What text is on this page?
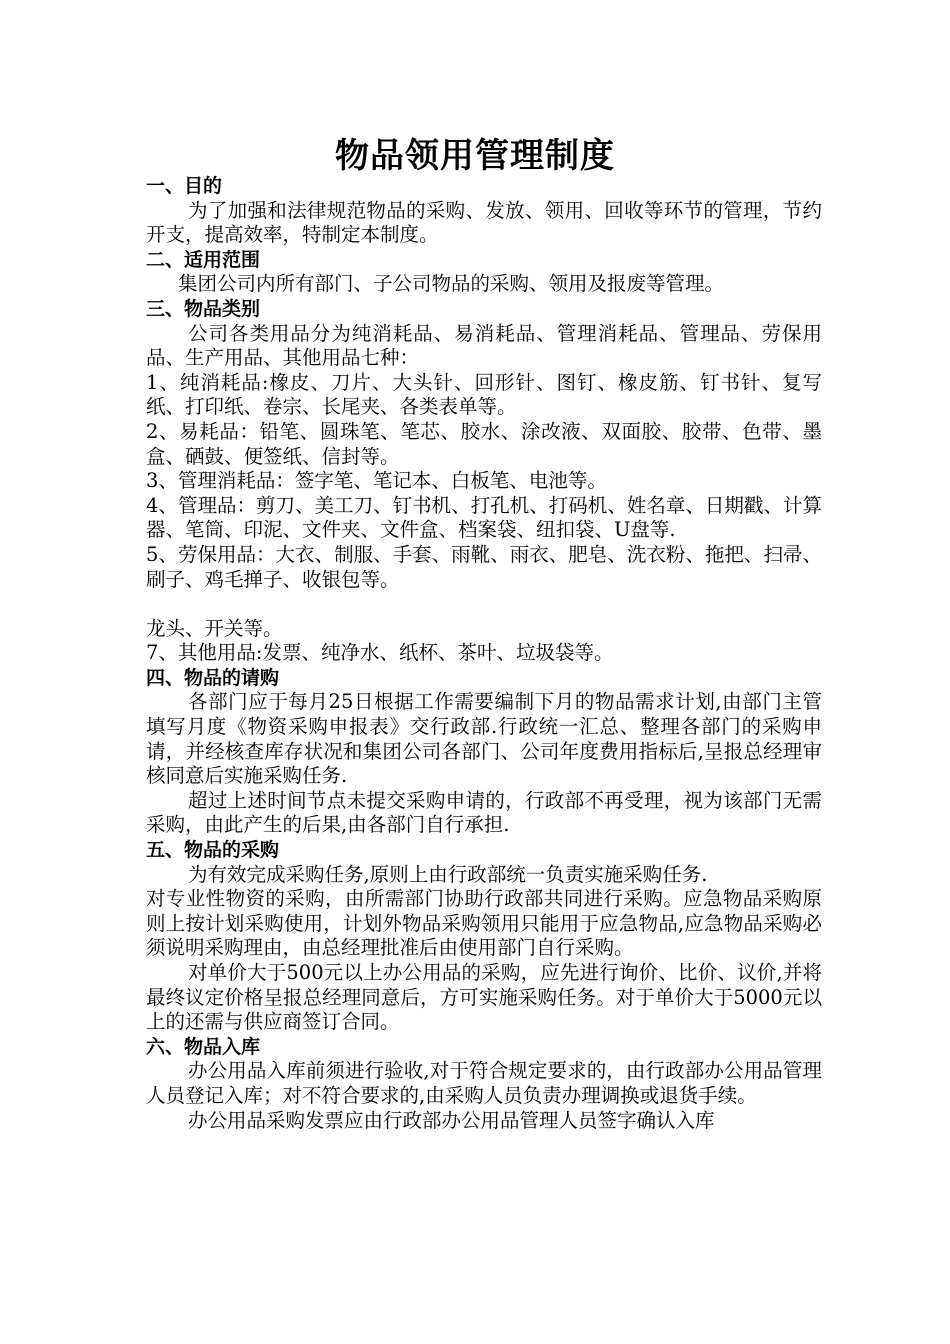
物品领用管理制度
一、目的
为了加强和法律规范物品的采购、发放、领用、回收等环节的管理，节约开支，提高效率，特制定本制度。
二、适用范围
集团公司内所有部门、子公司物品的采购、领用及报废等管理。
三、物品类别
公司各类用品分为纯消耗品、易消耗品、管理消耗品、管理品、劳保用品、生产用品、其他用品七种：
1、纯消耗品:橡皮、刀片、大头针、回形针、图钉、橡皮筋、钉书针、复写纸、打印纸、卷宗、长尾夹、各类表单等。
2、易耗品：铅笔、圆珠笔、笔芯、胶水、涂改液、双面胶、胶带、色带、墨盒、硒鼓、便签纸、信封等。
3、管理消耗品：签字笔、笔记本、白板笔、电池等。
4、管理品：剪刀、美工刀、钉书机、打孔机、打码机、姓名章、日期戳、计算器、笔筒、印泥、文件夹、文件盒、档案袋、纽扣袋、U盘等.
5、劳保用品：大衣、制服、手套、雨靴、雨衣、肥皂、洗衣粉、拖把、扫帚、刷子、鸡毛掸子、收银包等。
龙头、开关等。
7、其他用品:发票、纯净水、纸杯、茶叶、垃圾袋等。
四、物品的请购
各部门应于每月25日根据工作需要编制下月的物品需求计划,由部门主管填写月度《物资采购申报表》交行政部.行政统一汇总、整理各部门的采购申请，并经核查库存状况和集团公司各部门、公司年度费用指标后,呈报总经理审核同意后实施采购任务.
超过上述时间节点未提交采购申请的，行政部不再受理，视为该部门无需采购，由此产生的后果,由各部门自行承担.
五、物品的采购
为有效完成采购任务,原则上由行政部统一负责实施采购任务.
对专业性物资的采购，由所需部门协助行政部共同进行采购。应急物品采购原则上按计划采购使用，计划外物品采购领用只能用于应急物品,应急物品采购必须说明采购理由，由总经理批准后由使用部门自行采购。
对单价大于500元以上办公用品的采购，应先进行询价、比价、议价,并将最终议定价格呈报总经理同意后，方可实施采购任务。对于单价大于5000元以上的还需与供应商签订合同。
六、物品入库
办公用品入库前须进行验收,对于符合规定要求的，由行政部办公用品管理人员登记入库；对不符合要求的,由采购人员负责办理调换或退货手续。
办公用品采购发票应由行政部办公用品管理人员签字确认入库
